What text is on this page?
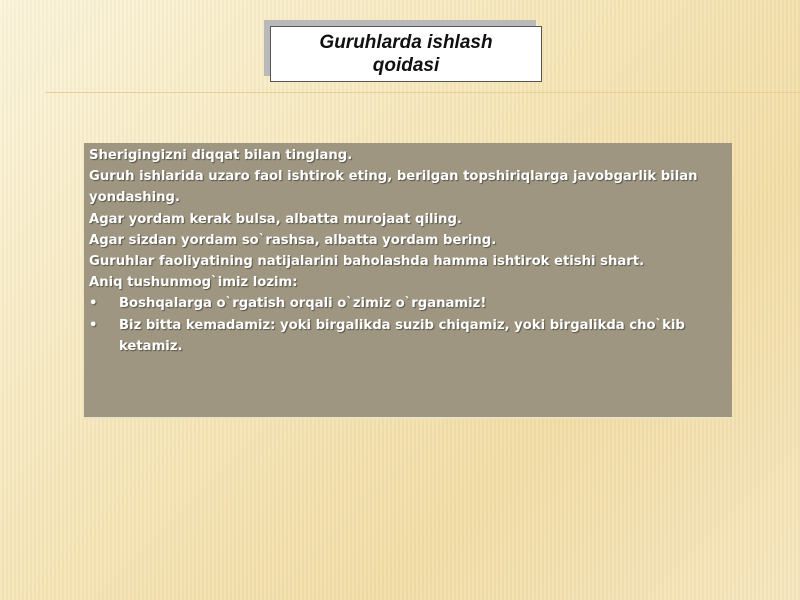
Guruhlarda ishlash qoidasi

Sherigingizni diqqat bilan tinglang.

Guruh ishlarida uzaro faol ishtirok eting, berilgan topshiriqlarga javobgarlik bilan yondashing.

Agar yordam kerak bulsa, albatta murojaat qiling.

Agar sizdan yordam so`rashsa, albatta yordam bering.

Guruhlar faoliyatining natijalarini baholashda hamma ishtirok etishi shart.

Aniq tushunmog`imiz lozim:

• Boshqalarga o`rgatish orqali o`zimiz o`rganamiz!
• Biz bitta kemadamiz: yoki birgalikda suzib chiqamiz, yoki birgalikda cho`kib ketamiz.
